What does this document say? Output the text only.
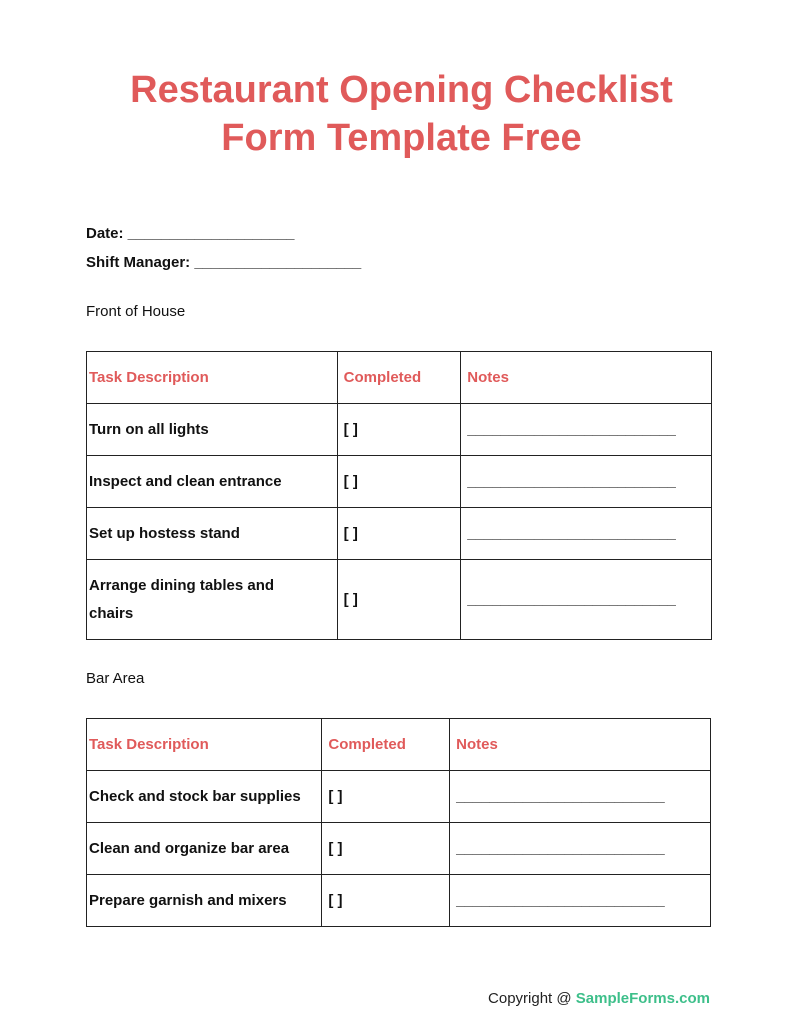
Restaurant Opening Checklist
Form Template Free
Date: ____________________
Shift Manager: ____________________
Front of House
Task Description	Completed	Notes
Turn on all lights	[ ]	_________________________
Inspect and clean entrance	[ ]	_________________________
Set up hostess stand	[ ]	_________________________

Arrange dining tables and chairs	[ ]	_________________________
Bar Area
Task Description	Completed	Notes
Check and stock bar supplies	[ ]	_________________________
Clean and organize bar area	[ ]	_________________________
Prepare garnish and mixers	[ ]	_________________________
Copyright @ SampleForms.com
